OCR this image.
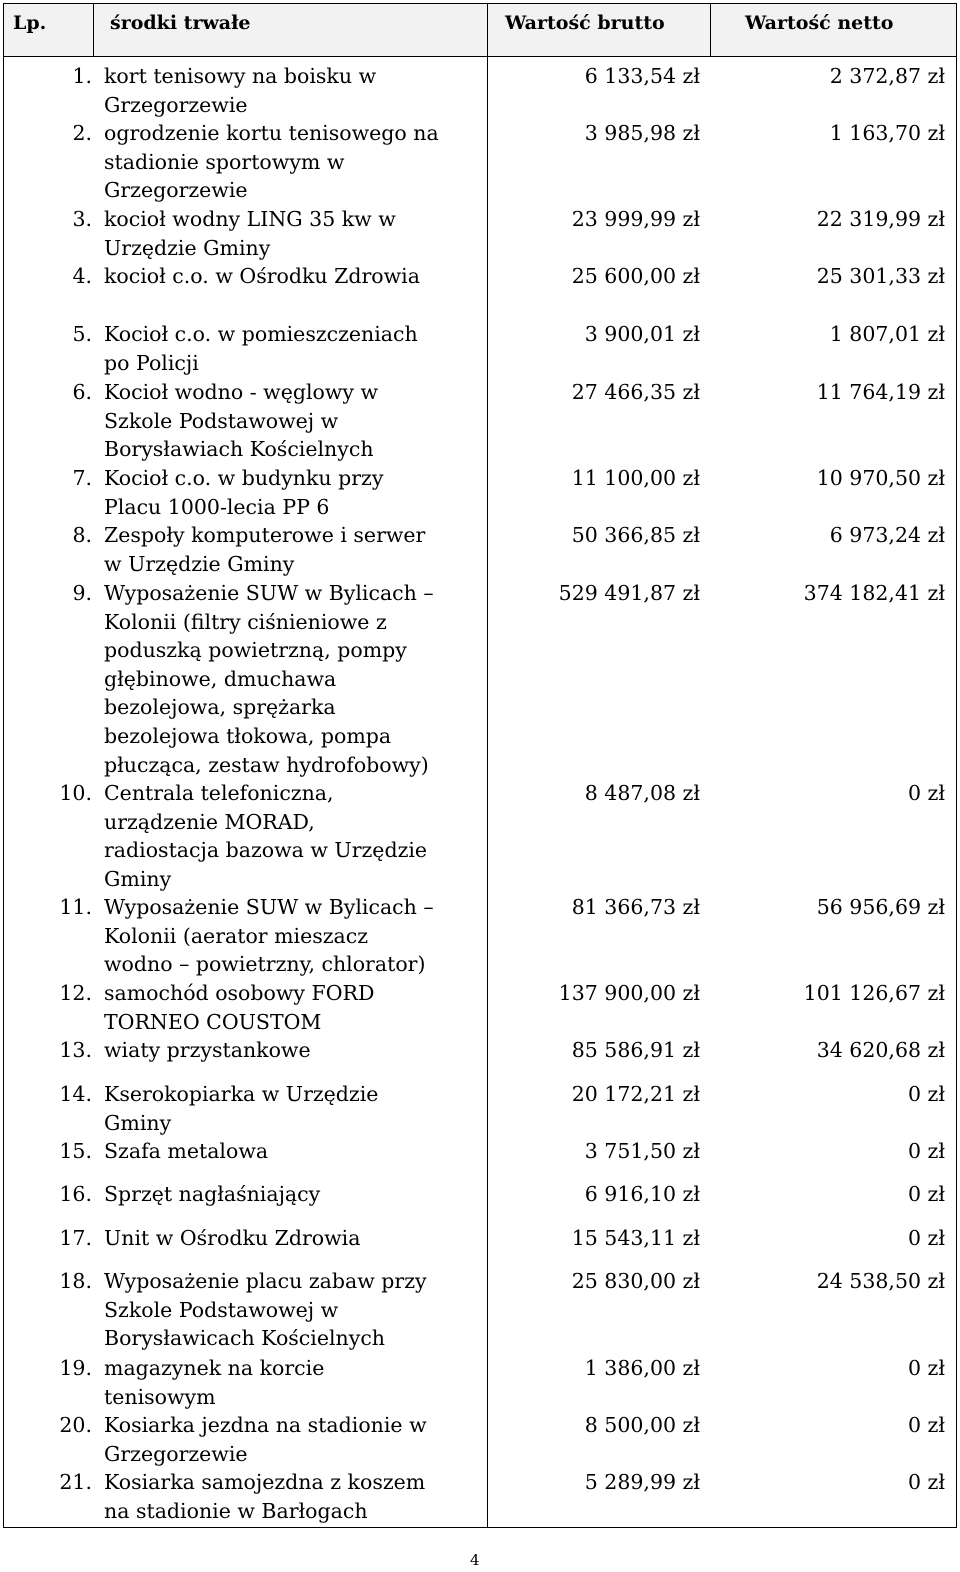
Lp.	środki trwałe	Wartość brutto	Wartość netto
1. kort tenisowy na boisku w
Grzegorzewie
6 133,54 zł	2 372,87 zł
2. ogrodzenie kortu tenisowego na
stadionie sportowym w
Grzegorzewie
3 985,98 zł	1 163,70 zł
3. kocioł wodny LING 35 kw w
Urzędzie Gminy
23 999,99 zł	22 319,99 zł
4. kocioł c.o. w Ośrodku Zdrowia	25 600,00 zł	25 301,33 zł
5. Kocioł c.o. w pomieszczeniach
po Policji
3 900,01 zł	1 807,01 zł
6. Kocioł wodno - węglowy w
Szkole Podstawowej w
Borysławiach Kościelnych
27 466,35 zł	11 764,19 zł
7. Kocioł c.o. w budynku przy
Placu 1000-lecia PP 6
11 100,00 zł	10 970,50 zł
8. Zespoły komputerowe i serwer
w Urzędzie Gminy
50 366,85 zł	6 973,24 zł
9. Wyposażenie SUW w Bylicach –
Kolonii (filtry ciśnieniowe z
poduszką powietrzną, pompy
głębinowe, dmuchawa
bezolejowa, sprężarka
bezolejowa tłokowa, pompa
płucząca, zestaw hydrofobowy)
529 491,87 zł	374 182,41 zł
10. Centrala telefoniczna,
urządzenie MORAD,
radiostacja bazowa w Urzędzie
Gminy
8 487,08 zł	0 zł
11. Wyposażenie SUW w Bylicach –
Kolonii (aerator mieszacz
wodno – powietrzny, chlorator)
81 366,73 zł	56 956,69 zł
12. samochód osobowy FORD
TORNEO COUSTOM
137 900,00 zł	101 126,67 zł
13. wiaty przystankowe	85 586,91 zł	34 620,68 zł
14. Kserokopiarka w Urzędzie
Gminy
20 172,21 zł	0 zł
15. Szafa metalowa	3 751,50 zł	0 zł
16. Sprzęt nagłaśniający	6 916,10 zł	0 zł
17. Unit w Ośrodku Zdrowia	15 543,11 zł	0 zł
18. Wyposażenie placu zabaw przy
Szkole Podstawowej w
Borysławicach Kościelnych
25 830,00 zł	24 538,50 zł
19. magazynek na korcie
tenisowym
1 386,00 zł	0 zł
20. Kosiarka jezdna na stadionie w
Grzegorzewie
8 500,00 zł	0 zł
21. Kosiarka samojezdna z koszem
na stadionie w Barłogach
5 289,99 zł	0 zł
4
